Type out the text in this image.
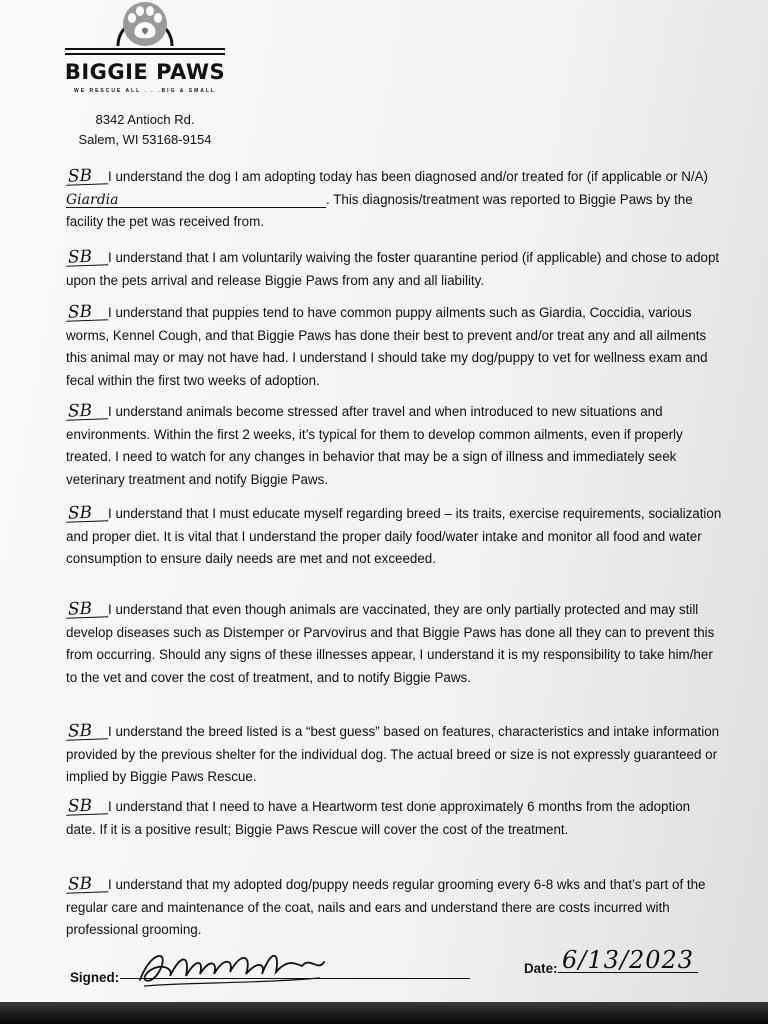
BIGGIE PAWS
WE RESCUE ALL . . .BIG & SMALL
8342 Antioch Rd.
Salem, WI 53168-9154
SB I understand the dog I am adopting today has been diagnosed and/or treated for (if applicable or N/A) Giardia	. This diagnosis/treatment was reported to Biggie Paws by the facility the pet was received from.
SB I understand that I am voluntarily waiving the foster quarantine period (if applicable) and chose to adopt upon the pets arrival and release Biggie Paws from any and all liability.
SB I understand that puppies tend to have common puppy ailments such as Giardia, Coccidia, various worms, Kennel Cough, and that Biggie Paws has done their best to prevent and/or treat any and all ailments this animal may or may not have had. I understand I should take my dog/puppy to vet for wellness exam and fecal within the first two weeks of adoption.
SB I understand animals become stressed after travel and when introduced to new situations and environments. Within the first 2 weeks, it’s typical for them to develop common ailments, even if properly treated. I need to watch for any changes in behavior that may be a sign of illness and immediately seek veterinary treatment and notify Biggie Paws.
SB I understand that I must educate myself regarding breed – its traits, exercise requirements, socialization and proper diet. It is vital that I understand the proper daily food/water intake and monitor all food and water consumption to ensure daily needs are met and not exceeded.
SB I understand that even though animals are vaccinated, they are only partially protected and may still develop diseases such as Distemper or Parvovirus and that Biggie Paws has done all they can to prevent this from occurring. Should any signs of these illnesses appear, I understand it is my responsibility to take him/her to the vet and cover the cost of treatment, and to notify Biggie Paws.
SB I understand the breed listed is a “best guess” based on features, characteristics and intake information provided by the previous shelter for the individual dog. The actual breed or size is not expressly guaranteed or implied by Biggie Paws Rescue.
SB I understand that I need to have a Heartworm test done approximately 6 months from the adoption date. If it is a positive result; Biggie Paws Rescue will cover the cost of the treatment.
SB I understand that my adopted dog/puppy needs regular grooming every 6-8 wks and that’s part of the regular care and maintenance of the coat, nails and ears and understand there are costs incurred with professional grooming.
Signed:
Date: 6/13/2023
